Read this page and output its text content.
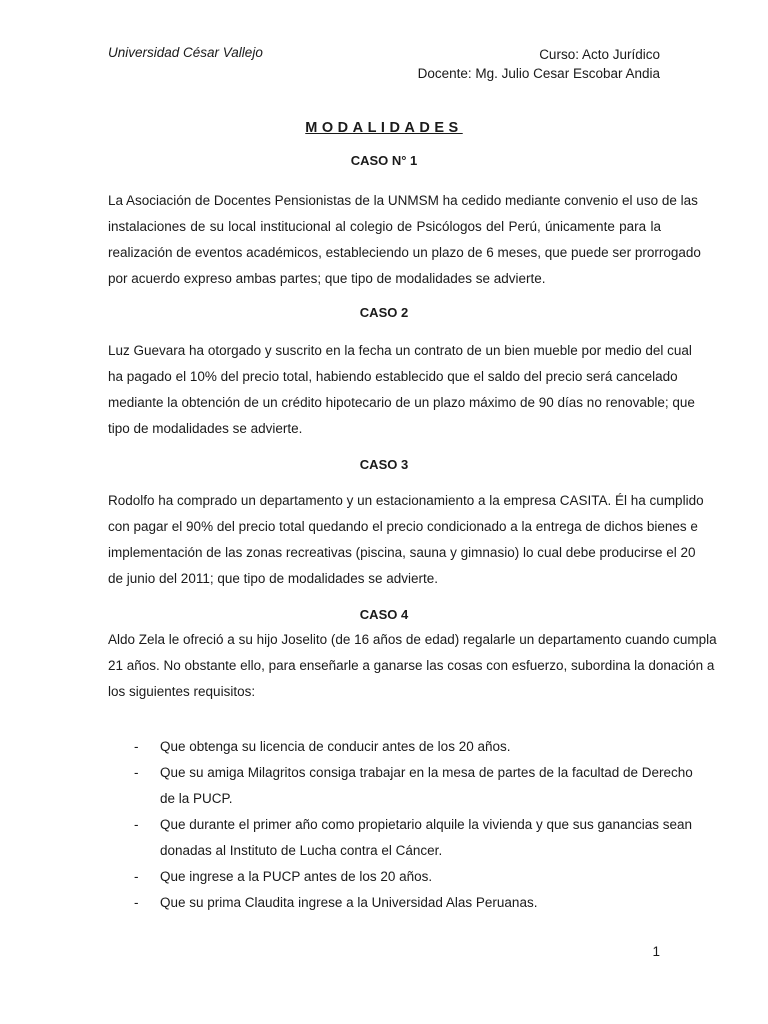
Universidad César Vallejo	Curso: Acto Jurídico
Docente: Mg. Julio Cesar Escobar Andia
MODALIDADES
CASO N° 1
La Asociación de Docentes Pensionistas de la UNMSM ha cedido mediante convenio el uso de las
instalaciones de su local institucional al colegio de Psicólogos del Perú, únicamente para la
realización de eventos académicos, estableciendo un plazo de 6 meses, que puede ser prorrogado
por acuerdo expreso ambas partes; que tipo de modalidades se advierte.
CASO 2
Luz Guevara ha otorgado y suscrito en la fecha un contrato de un bien mueble por medio del cual
ha pagado el 10% del precio total, habiendo establecido que el saldo del precio será cancelado
mediante la obtención de un crédito hipotecario de un plazo máximo de 90 días no renovable; que
tipo de modalidades se advierte.
CASO 3
Rodolfo ha comprado un departamento y un estacionamiento a la empresa CASITA. Él ha cumplido
con pagar el 90% del precio total quedando el precio condicionado a la entrega de dichos bienes e
implementación de las zonas recreativas (piscina, sauna y gimnasio) lo cual debe producirse el 20
de junio del 2011; que tipo de modalidades se advierte.
CASO 4
Aldo Zela le ofreció a su hijo Joselito (de 16 años de edad) regalarle un departamento cuando cumpla
21 años. No obstante ello, para enseñarle a ganarse las cosas con esfuerzo, subordina la donación a
los siguientes requisitos:
- Que obtenga su licencia de conducir antes de los 20 años.
- Que su amiga Milagritos consiga trabajar en la mesa de partes de la facultad de Derecho
de la PUCP.
- Que durante el primer año como propietario alquile la vivienda y que sus ganancias sean
donadas al Instituto de Lucha contra el Cáncer.
- Que ingrese a la PUCP antes de los 20 años.
- Que su prima Claudita ingrese a la Universidad Alas Peruanas.
1
